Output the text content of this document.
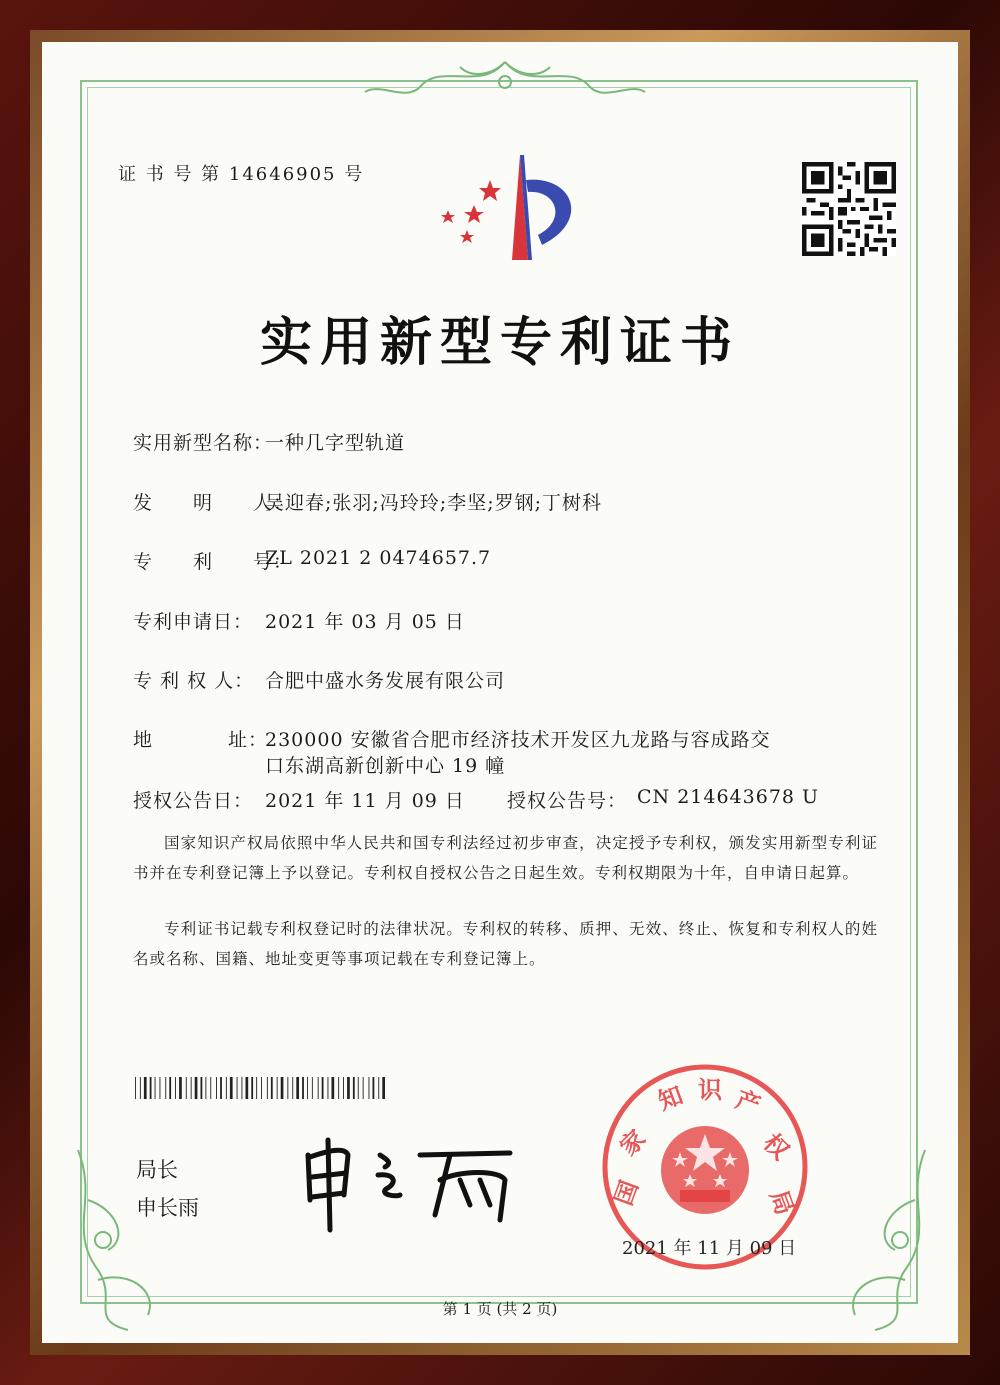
证 书 号 第 14646905 号
实用新型专利证书
实用新型名称：
一种几字型轨道
发　　明　　人：
吴迎春;张羽;冯玲玲;李坚;罗钢;丁树科
专　　利　　号：
ZL 2021 2 0474657.7
专利申请日： 2021 年 03 月 05 日
专 利 权 人： 合肥中盛水务发展有限公司
地	址：
230000 安徽省合肥市经济技术开发区九龙路与容成路交
口东湖高新创新中心 19 幢
授权公告日： 2021 年 11 月 09 日 授权公告号： CN 214643678 U
国家知识产权局依照中华人民共和国专利法经过初步审查，决定授予专利权，颁发实用新型专利证书并在专利登记簿上予以登记。专利权自授权公告之日起生效。专利权期限为十年，自申请日起算。
专利证书记载专利权登记时的法律状况。专利权的转移、质押、无效、终止、恢复和专利权人的姓名或名称、国籍、地址变更等事项记载在专利登记簿上。
局长
申长雨	国
家
知 识 产
权
局
2021 年 11 月 09 日
第 1 页 (共 2 页)
